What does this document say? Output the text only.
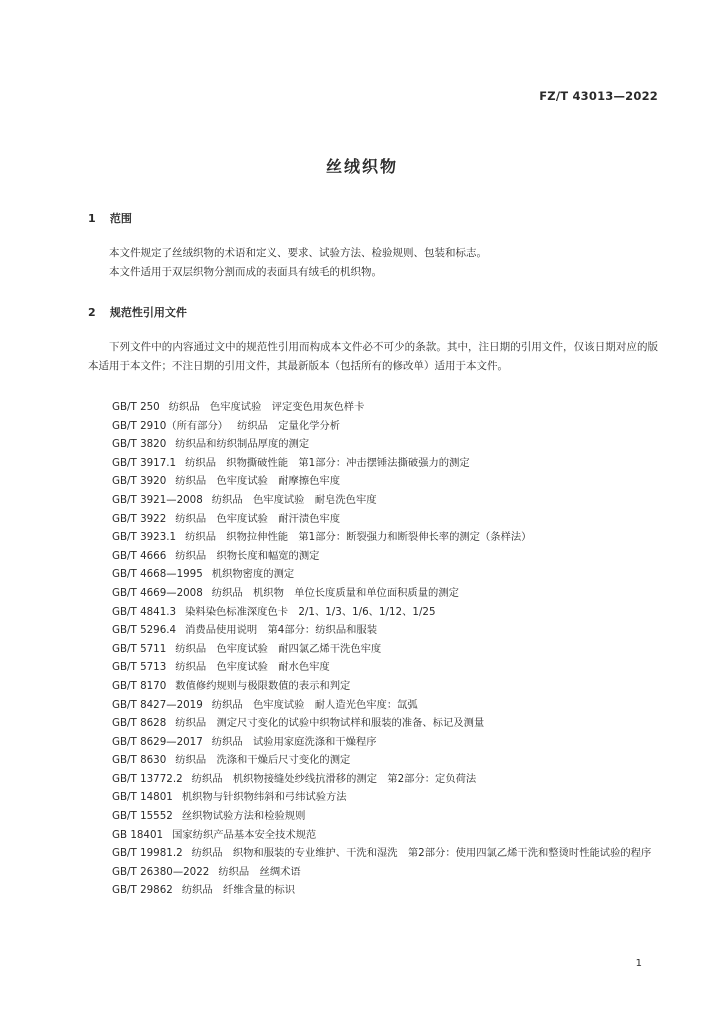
FZ/T 43013—2022
丝绒织物
1 范围
本文件规定了丝绒织物的术语和定义、要求、试验方法、检验规则、包装和标志。
本文件适用于双层织物分割而成的表面具有绒毛的机织物。
2 规范性引用文件
下列文件中的内容通过文中的规范性引用而构成本文件必不可少的条款。其中，注日期的引用文件，仅该日期对应的版本适用于本文件；不注日期的引用文件，其最新版本（包括所有的修改单）适用于本文件。
GB/T 250 纺织品　色牢度试验　评定变色用灰色样卡
GB/T 2910（所有部分） 纺织品　定量化学分析
GB/T 3820 纺织品和纺织制品厚度的测定
GB/T 3917.1 纺织品　织物撕破性能　第1部分：冲击摆锤法撕破强力的测定
GB/T 3920 纺织品　色牢度试验　耐摩擦色牢度
GB/T 3921—2008 纺织品　色牢度试验　耐皂洗色牢度
GB/T 3922 纺织品　色牢度试验　耐汗渍色牢度
GB/T 3923.1 纺织品　织物拉伸性能　第1部分：断裂强力和断裂伸长率的测定（条样法）
GB/T 4666 纺织品　织物长度和幅宽的测定
GB/T 4668—1995 机织物密度的测定
GB/T 4669—2008 纺织品　机织物　单位长度质量和单位面积质量的测定
GB/T 4841.3 染料染色标准深度色卡　2/1、1/3、1/6、1/12、1/25
GB/T 5296.4 消费品使用说明　第4部分：纺织品和服装
GB/T 5711 纺织品　色牢度试验　耐四氯乙烯干洗色牢度
GB/T 5713 纺织品　色牢度试验　耐水色牢度
GB/T 8170 数值修约规则与极限数值的表示和判定
GB/T 8427—2019 纺织品　色牢度试验　耐人造光色牢度：氙弧
GB/T 8628 纺织品　测定尺寸变化的试验中织物试样和服装的准备、标记及测量
GB/T 8629—2017 纺织品　试验用家庭洗涤和干燥程序
GB/T 8630 纺织品　洗涤和干燥后尺寸变化的测定
GB/T 13772.2 纺织品　机织物接缝处纱线抗滑移的测定　第2部分：定负荷法
GB/T 14801 机织物与针织物纬斜和弓纬试验方法
GB/T 15552 丝织物试验方法和检验规则
GB 18401 国家纺织产品基本安全技术规范
GB/T 19981.2 纺织品　织物和服装的专业维护、干洗和湿洗　第2部分：使用四氯乙烯干洗和整烫时性能试验的程序
GB/T 26380—2022 纺织品　丝绸术语
GB/T 29862 纺织品　纤维含量的标识
1
